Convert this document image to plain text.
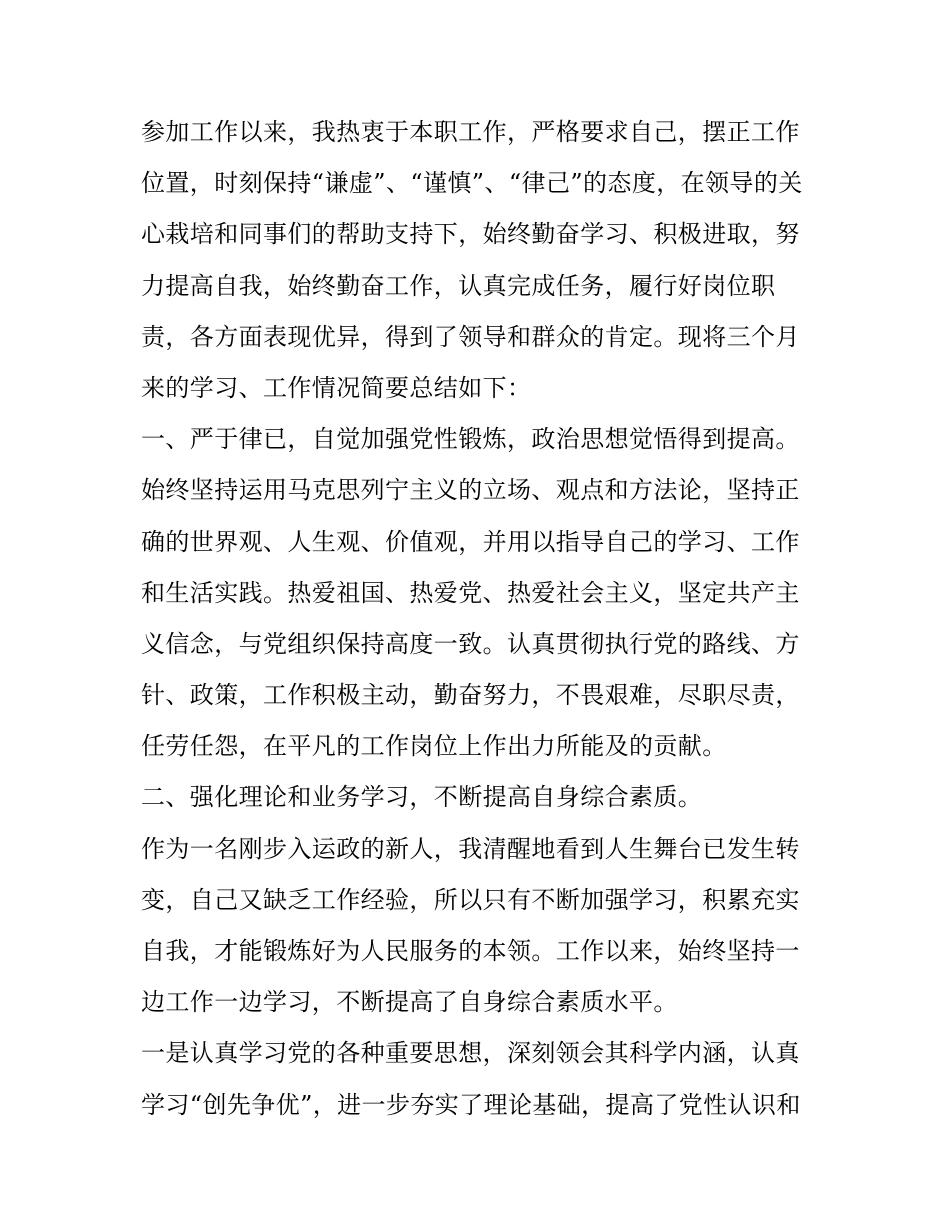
参加工作以来，我热衷于本职工作，严格要求自己，摆正工作
位置，时刻保持“谦虚”、“谨慎”、“律己”的态度，在领导的关
心栽培和同事们的帮助支持下，始终勤奋学习、积极进取，努
力提高自我，始终勤奋工作，认真完成任务，履行好岗位职
责，各方面表现优异，得到了领导和群众的肯定。现将三个月
来的学习、工作情况简要总结如下：
一、严于律已，自觉加强党性锻炼，政治思想觉悟得到提高。
始终坚持运用马克思列宁主义的立场、观点和方法论，坚持正
确的世界观、人生观、价值观，并用以指导自己的学习、工作
和生活实践。热爱祖国、热爱党、热爱社会主义，坚定共产主
义信念，与党组织保持高度一致。认真贯彻执行党的路线、方
针、政策，工作积极主动，勤奋努力，不畏艰难，尽职尽责，
任劳任怨，在平凡的工作岗位上作出力所能及的贡献。
二、强化理论和业务学习，不断提高自身综合素质。
作为一名刚步入运政的新人，我清醒地看到人生舞台已发生转
变，自己又缺乏工作经验，所以只有不断加强学习，积累充实
自我，才能锻炼好为人民服务的本领。工作以来，始终坚持一
边工作一边学习，不断提高了自身综合素质水平。
一是认真学习党的各种重要思想，深刻领会其科学内涵，认真
学习“创先争优”，进一步夯实了理论基础，提高了党性认识和
